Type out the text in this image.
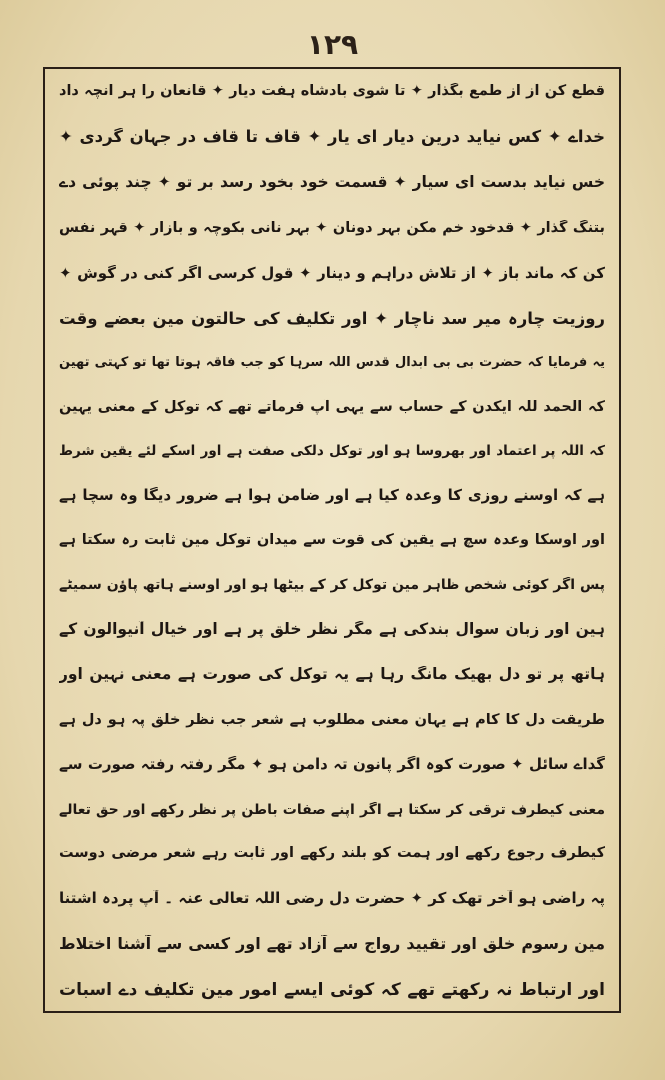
١٢٩
قطع کن آز از طمع بگذار ✦ تا شوی بادشاه ہفت دیار ✦ قانعان را ہر انچہ داد
خداے ✦ کس نیاید درین دیار ای یار ✦ قاف تا قاف در جہان گردی ✦
خس نیاید بدست ای سیار ✦ قسمت خود بخود رسد بر تو ✦ چند پوئی دے
بتنگ گذار ✦ قدخود خم مکن بہر دونان ✦ بہر نانی بکوچہ و بازار ✦ قہر نفس
کن کہ ماند باز ✦ از تلاش دراہم و دینار ✦ قول کرسی اگر کنی در گوش ✦
روزیت چارہ میر سد ناچار ✦ اور تکلیف کی حالتون مین بعضے وقت
یہ فرمایا کہ حضرت بی بی ابدال قدس اللہ سرہا کو جب فاقہ ہوتا تھا تو کہتی تھین
کہ الحمد للہ ایکدن کے حساب سے یہی آپ فرماتے تھے کہ توکل کے معنی یہین
کہ اللہ پر اعتماد اور بھروسا ہو اور توکل دلکی صفت ہے اور اسکے لئے یقین شرط
ہے کہ اوسنے روزی کا وعدہ کیا ہے اور ضامن ہوا ہے ضرور دیگا وہ سچا ہے
اور اوسکا وعدہ سچ ہے یقین کی قوت سے میدان توکل مین ثابت رہ سکتا ہے
پس اگر کوئی شخص ظاہر مین توکل کر کے بیٹھا ہو اور اوسنے ہاتھ پاؤن سمیٹے
ہین اور زبان سوال بندکی ہے مگر نظر خلق پر ہے اور خیال آنیوالون کے
ہاتھ پر تو دل بھیک مانگ رہا ہے یہ توکل کی صورت ہے معنی نہین اور
طریقت دل کا کام ہے یہان معنی مطلوب ہے شعر جب نظر خلق پہ ہو دل ہے
گداے سائل ✦ صورت کوہ اگر پانون تہ دامن ہو ✦ مگر رفتہ رفتہ صورت سے
معنی کیطرف ترقی کر سکتا ہے اگر اپنے صفات باطن پر نظر رکھے اور حق تعالے
کیطرف رجوع رکھے اور ہمت کو بلند رکھے اور ثابت رہے شعر مرضی دوست
پہ راضی ہو آخر تھک کر ✦ حضرت دل رضی اللہ تعالی عنہ ۔ آپ پردہ اشتنا
مین رسوم خلق اور تقیید رواج سے آزاد تھے اور کسی سے آشنا اختلاط
اور ارتباط نہ رکھتے تھے کہ کوئی ایسے امور مین تکلیف دے اسبات
